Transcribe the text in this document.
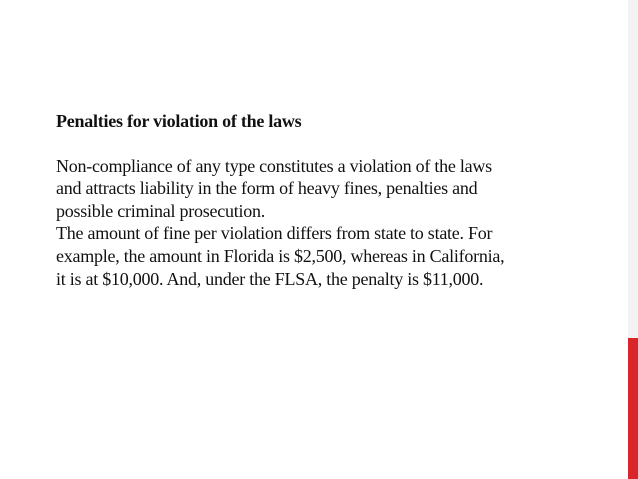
Penalties for violation of the laws
Non-compliance of any type constitutes a violation of the laws
and attracts liability in the form of heavy fines, penalties and
possible criminal prosecution.
The amount of fine per violation differs from state to state. For
example, the amount in Florida is $2,500, whereas in California,
it is at $10,000. And, under the FLSA, the penalty is $11,000.
